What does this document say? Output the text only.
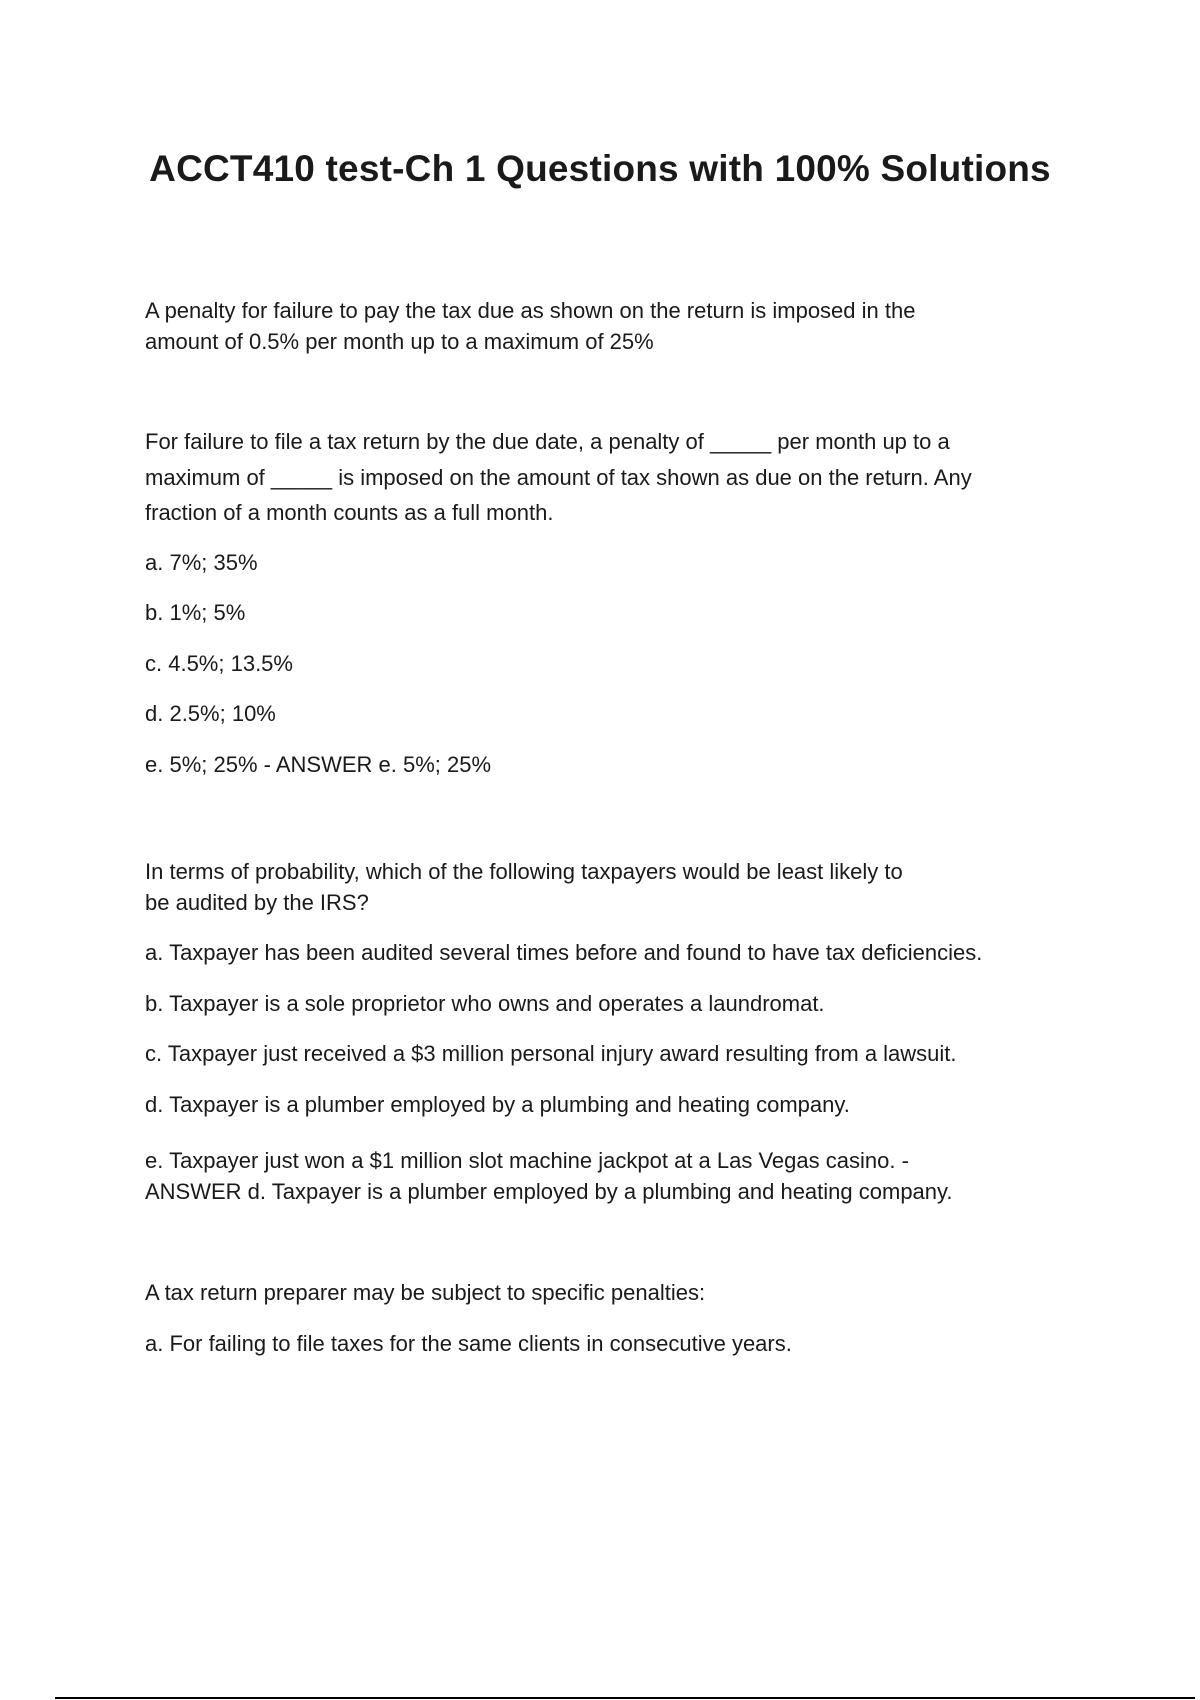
ACCT410 test-Ch 1 Questions with 100% Solutions
A penalty for failure to pay the tax due as shown on the return is imposed in the
amount of 0.5% per month up to a maximum of 25%
For failure to file a tax return by the due date, a penalty of _____ per month up to a
maximum of _____ is imposed on the amount of tax shown as due on the return. Any
fraction of a month counts as a full month.
a. 7%; 35%
b. 1%; 5%
c. 4.5%; 13.5%
d. 2.5%; 10%
e. 5%; 25% - ANSWER e. 5%; 25%
In terms of probability, which of the following taxpayers would be least likely to
be audited by the IRS?
a. Taxpayer has been audited several times before and found to have tax deficiencies.
b. Taxpayer is a sole proprietor who owns and operates a laundromat.
c. Taxpayer just received a $3 million personal injury award resulting from a lawsuit.
d. Taxpayer is a plumber employed by a plumbing and heating company.
e. Taxpayer just won a $1 million slot machine jackpot at a Las Vegas casino. -
ANSWER d. Taxpayer is a plumber employed by a plumbing and heating company.
A tax return preparer may be subject to specific penalties:
a. For failing to file taxes for the same clients in consecutive years.
